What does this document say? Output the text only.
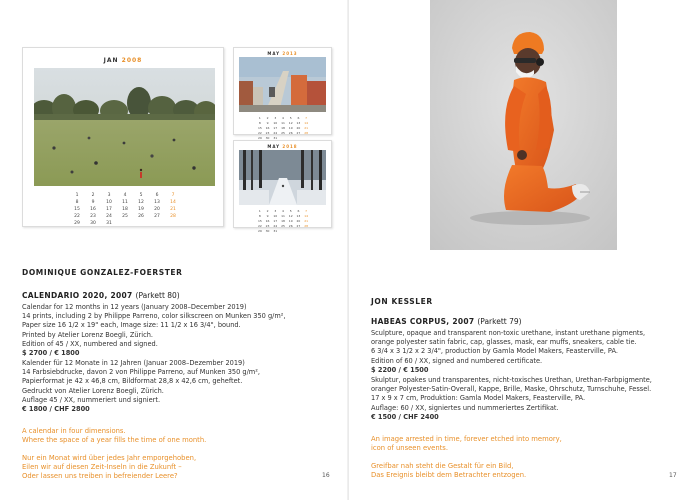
JAN 2008
1	2	3	4	5	6	7
8	9	10	11	12	13	14
15	16	17	18	19	20	21
22	23	24	25	26	27	28
29	30	31
MAY 2013
1	2	3	4	5	6	7
8	9	10	11	12	13	14
15	16	17	18	19	20	21
22	23	24	25	26	27	28
29	30	31
MAY 2018
1	2	3	4	5	6	7
8	9	10	11	12	13	14
15	16	17	18	19	20	21
22	23	24	25	26	27	28
29	30	31
DOMINIQUE GONZALEZ-FOERSTER
CALENDARIO 2020, 2007 (Parkett 80)
Calendar for 12 months in 12 years (January 2008–December 2019)
14 prints, including 2 by Philippe Parreno, color silkscreen on Munken 350 g/m²,
Paper size 16 1/2 x 19" each, Image size: 11 1/2 x 16 3/4", bound.
Printed by Atelier Lorenz Boegli, Zürich.
Edition of 45 / XX, numbered and signed.
$ 2700 / € 1800
Kalender für 12 Monate in 12 Jahren (Januar 2008–Dezember 2019)
14 Farbsiebdrucke, davon 2 von Philippe Parreno, auf Munken 350 g/m²,
Papierformat je 42 x 46,8 cm, Bildformat 28,8 x 42,6 cm, geheftet.
Gedruckt von Atelier Lorenz Boegli, Zürich.
Auflage 45 / XX, nummeriert und signiert.
€ 1800 / CHF 2800
A calendar in four dimensions.
Where the space of a year fills the time of one month.
Nur ein Monat wird über jedes Jahr emporgehoben,
Eilen wir auf diesen Zeit-Inseln in die Zukunft –
Oder lassen uns treiben in befreiender Leere?	16
JON KESSLER
HABEAS CORPUS, 2007 (Parkett 79)
Sculpture, opaque and transparent non-toxic urethane, instant urethane pigments,
orange polyester satin fabric, cap, glasses, mask, ear muffs, sneakers, cable tie.
6 3/4 x 3 1/2 x 2 3/4", production by Gamla Model Makers, Feasterville, PA.
Edition of 60 / XX, signed and numbered certificate.
$ 2200 / € 1500
Skulptur, opakes und transparentes, nicht-toxisches Urethan, Urethan-Farbpigmente,
oranger Polyester-Satin-Overall, Kappe, Brille, Maske, Ohrschutz, Turnschuhe, Fessel.
17 x 9 x 7 cm, Produktion: Gamla Model Makers, Feasterville, PA.
Auflage: 60 / XX, signiertes und nummeriertes Zertifikat.
€ 1500 / CHF 2400
An image arrested in time, forever etched into memory,
icon of unseen events.
Greifbar nah steht die Gestalt für ein Bild,
Das Ereignis bleibt dem Betrachter entzogen.	17
